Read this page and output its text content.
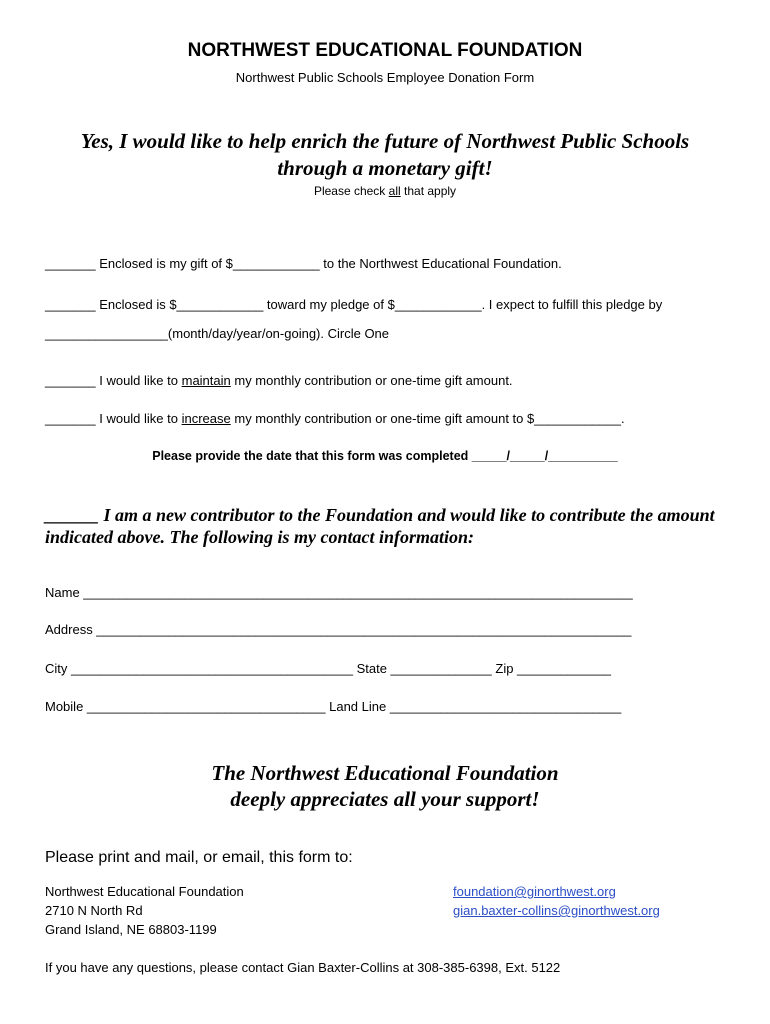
NORTHWEST EDUCATIONAL FOUNDATION
Northwest Public Schools Employee Donation Form
Yes, I would like to help enrich the future of Northwest Public Schools
through a monetary gift!
Please check all that apply
_______ Enclosed is my gift of $____________ to the Northwest Educational Foundation.
_______ Enclosed is $____________ toward my pledge of $____________. I expect to fulfill this pledge by
_________________(month/day/year/on-going). Circle One
_______ I would like to maintain my monthly contribution or one-time gift amount.
_______ I would like to increase my monthly contribution or one-time gift amount to $____________.
Please provide the date that this form was completed _____/_____/__________
______ I am a new contributor to the Foundation and would like to contribute the amount indicated above. The following is my contact information:
Name ____________________________________________________________________________
Address __________________________________________________________________________
City _______________________________________ State ______________ Zip _____________
Mobile _________________________________ Land Line ________________________________
The Northwest Educational Foundation
deeply appreciates all your support!
Please print and mail, or email, this form to:
Northwest Educational Foundation
2710 N North Rd
Grand Island, NE 68803-1199
foundation@ginorthwest.org
gian.baxter-collins@ginorthwest.org
If you have any questions, please contact Gian Baxter-Collins at 308-385-6398, Ext. 5122
